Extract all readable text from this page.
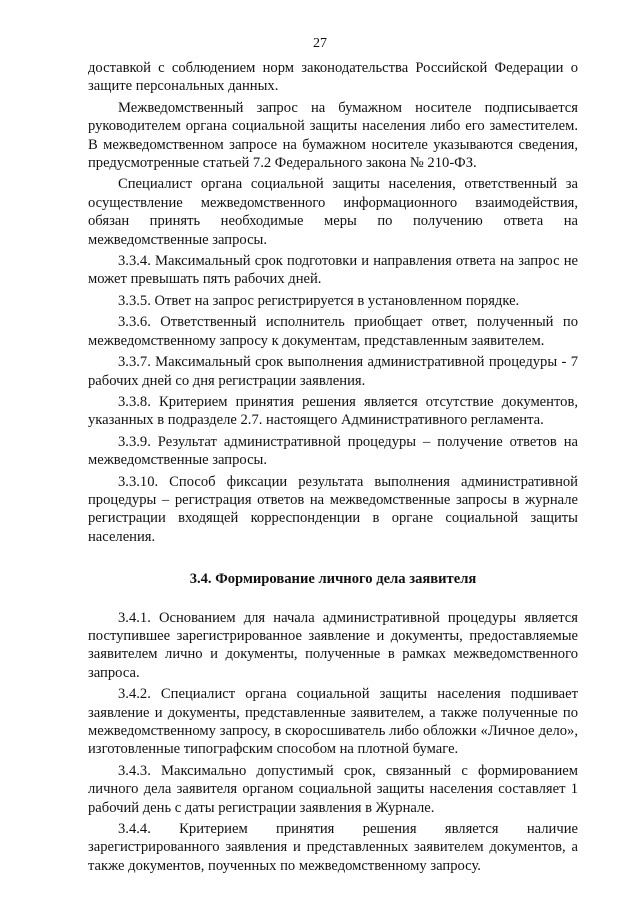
27

доставкой с соблюдением норм законодательства Российской Федерации о защите персональных данных.

Межведомственный запрос на бумажном носителе подписывается руководителем органа социальной защиты населения либо его заместителем. В межведомственном запросе на бумажном носителе указываются сведения, предусмотренные статьей 7.2 Федерального закона № 210-ФЗ.

Специалист органа социальной защиты населения, ответственный за осуществление межведомственного информационного взаимодействия, обязан принять необходимые меры по получению ответа на межведомственные запросы.

3.3.4. Максимальный срок подготовки и направления ответа на запрос не может превышать пять рабочих дней.

3.3.5. Ответ на запрос регистрируется в установленном порядке.

3.3.6. Ответственный исполнитель приобщает ответ, полученный по межведомственному запросу к документам, представленным заявителем.

3.3.7. Максимальный срок выполнения административной процедуры - 7 рабочих дней со дня регистрации заявления.

3.3.8. Критерием принятия решения является отсутствие документов, указанных в подразделе 2.7. настоящего Административного регламента.

3.3.9. Результат административной процедуры – получение ответов на межведомственные запросы.

3.3.10. Способ фиксации результата выполнения административной процедуры – регистрация ответов на межведомственные запросы в журнале регистрации входящей корреспонденции в органе социальной защиты населения.

3.4. Формирование личного дела заявителя

3.4.1. Основанием для начала административной процедуры является поступившее зарегистрированное заявление и документы, предоставляемые заявителем лично и документы, полученные в рамках межведомственного запроса.

3.4.2. Специалист органа социальной защиты населения подшивает заявление и документы, представленные заявителем, а также полученные по межведомственному запросу, в скоросшиватель либо обложки «Личное дело», изготовленные типографским способом на плотной бумаге.

3.4.3. Максимально допустимый срок, связанный с формированием личного дела заявителя органом социальной защиты населения составляет 1 рабочий день с даты регистрации заявления в Журнале.

3.4.4. Критерием принятия решения является наличие зарегистрированного заявления и представленных заявителем документов, а также документов, поученных по межведомственному запросу.
